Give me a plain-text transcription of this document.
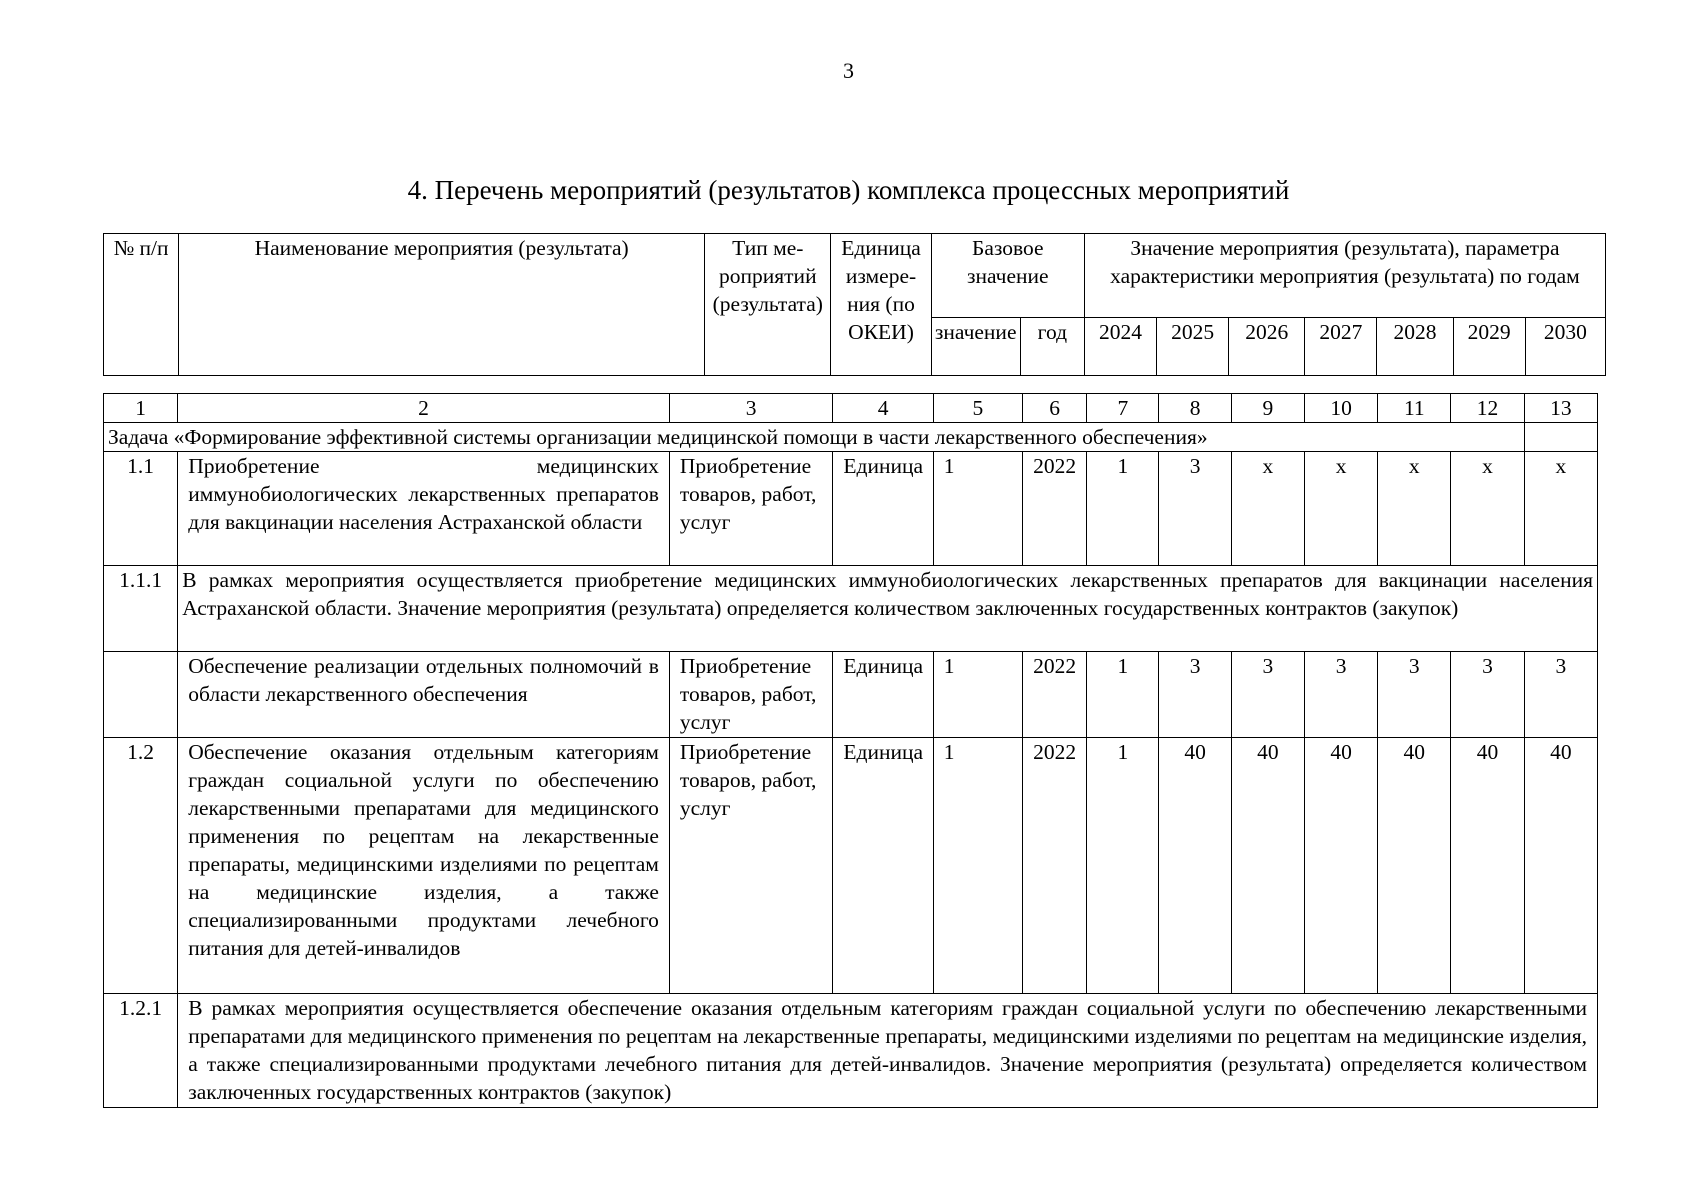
3
4. Перечень мероприятий (результатов) комплекса процессных мероприятий
№ п/п	Наименование мероприятия (результата)	Тип мероприятий (результата)	Единица измерения (по ОКЕИ)	Базовое значение		Значение мероприятия (результата), параметра характеристики мероприятия (результата) по годам						
				значение	год	2024	2025	2026	2027	2028	2029	2030
1	2	3	4	5	6	7	8	9	10	11	12	13
Задача «Формирование эффективной системы организации медицинской помощи в части лекарственного обеспечения»												
1.1	Приобретение медицинских иммунобиологических лекарственных препаратов для вакцинации населения Астраханской области	Приобретение товаров, работ, услуг	Единица	1	2022	1	3	х	х	х	х	х
1.1.1	В рамках мероприятия осуществляется приобретение медицинских иммунобиологических лекарственных препаратов для вакцинации населения Астраханской области. Значение мероприятия (результата) определяется количеством заключенных государственных контрактов (закупок)											
	Обеспечение реализации отдельных полномочий в области лекарственного обеспечения	Приобретение товаров, работ, услуг	Единица	1	2022	1	3	3	3	3	3	3
1.2	Обеспечение оказания отдельным категориям граждан социальной услуги по обеспечению лекарственными препаратами для медицинского применения по рецептам на лекарственные препараты, медицинскими изделиями по рецептам на медицинские изделия, а также специализированными продуктами лечебного питания для детей-инвалидов	Приобретение товаров, работ, услуг	Единица	1	2022	1	40	40	40	40	40	40
1.2.1	В рамках мероприятия осуществляется обеспечение оказания отдельным категориям граждан социальной услуги по обеспечению лекарственными препаратами для медицинского применения по рецептам на лекарственные препараты, медицинскими изделиями по рецептам на медицинские изделия, а также специализированными продуктами лечебного питания для детей-инвалидов. Значение мероприятия (результата) определяется количеством заключенных государственных контрактов (закупок)											
